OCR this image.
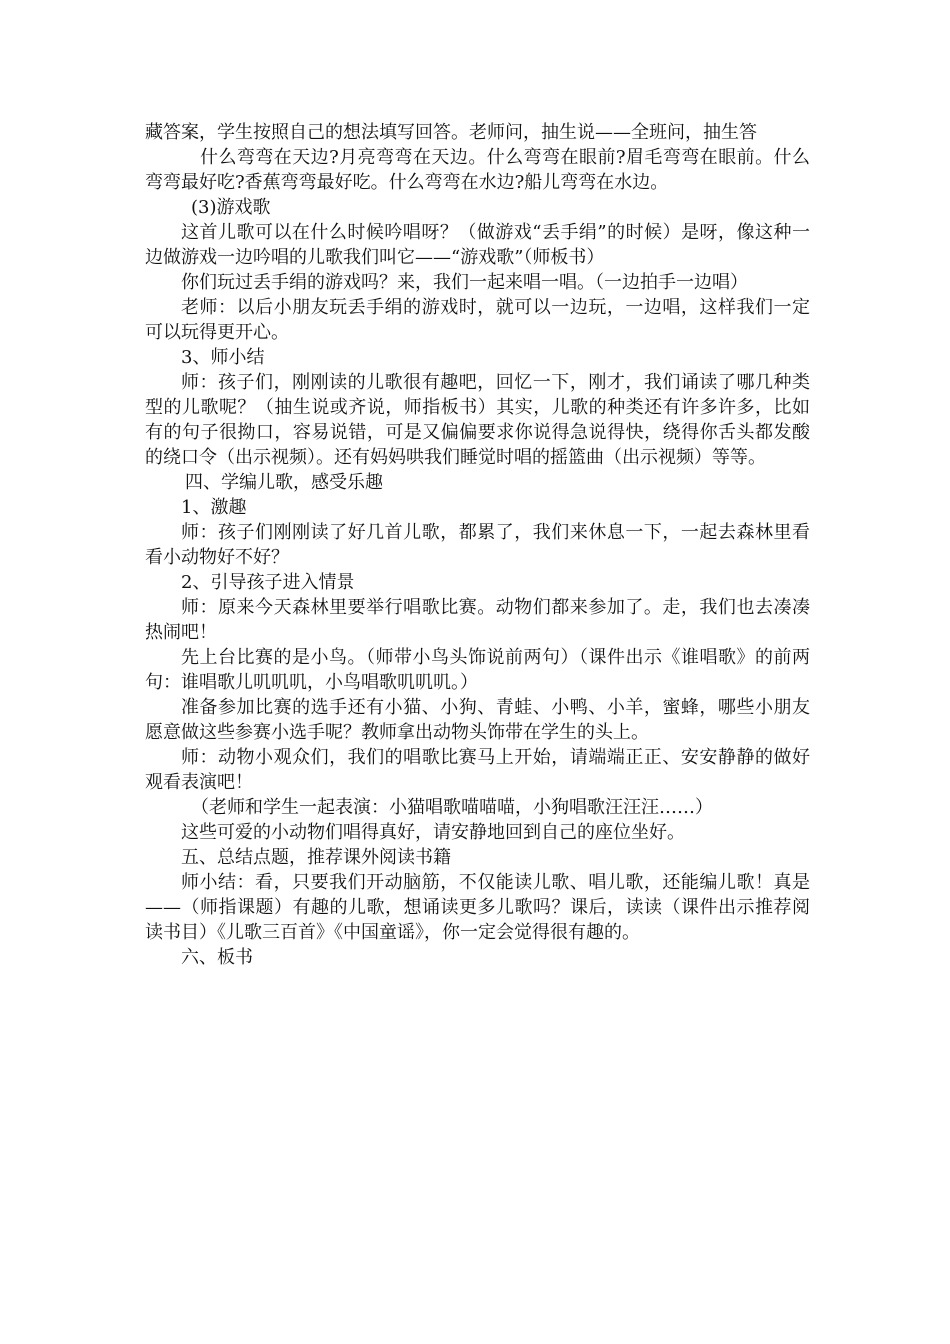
藏答案，学生按照自己的想法填写回答。老师问，抽生说——全班问，抽生答

什么弯弯在天边?月亮弯弯在天边。什么弯弯在眼前?眉毛弯弯在眼前。什么弯弯最好吃?香蕉弯弯最好吃。什么弯弯在水边?船儿弯弯在水边。

(3)游戏歌

这首儿歌可以在什么时候吟唱呀？（做游戏“丢手绢”的时候）是呀，像这种一边做游戏一边吟唱的儿歌我们叫它——“游戏歌”（师板书）

你们玩过丢手绢的游戏吗？来，我们一起来唱一唱。（一边拍手一边唱）

老师：以后小朋友玩丢手绢的游戏时，就可以一边玩，一边唱，这样我们一定可以玩得更开心。

3、师小结

师：孩子们，刚刚读的儿歌很有趣吧，回忆一下，刚才，我们诵读了哪几种类型的儿歌呢？（抽生说或齐说，师指板书）其实，儿歌的种类还有许多许多，比如有的句子很拗口，容易说错，可是又偏偏要求你说得急说得快，绕得你舌头都发酸的绕口令（出示视频）。还有妈妈哄我们睡觉时唱的摇篮曲（出示视频）等等。

四、学编儿歌，感受乐趣

1、激趣

师：孩子们刚刚读了好几首儿歌，都累了，我们来休息一下，一起去森林里看看小动物好不好？

2、引导孩子进入情景

师：原来今天森林里要举行唱歌比赛。动物们都来参加了。走，我们也去凑凑热闹吧！

先上台比赛的是小鸟。（师带小鸟头饰说前两句）（课件出示《谁唱歌》的前两句：谁唱歌儿叽叽叽，小鸟唱歌叽叽叽。）

准备参加比赛的选手还有小猫、小狗、青蛙、小鸭、小羊，蜜蜂，哪些小朋友愿意做这些参赛小选手呢？教师拿出动物头饰带在学生的头上。

师：动物小观众们，我们的唱歌比赛马上开始，请端端正正、安安静静的做好观看表演吧！

（老师和学生一起表演：小猫唱歌喵喵喵，小狗唱歌汪汪汪……）

这些可爱的小动物们唱得真好，请安静地回到自己的座位坐好。

五、总结点题，推荐课外阅读书籍

师小结：看，只要我们开动脑筋，不仅能读儿歌、唱儿歌，还能编儿歌！真是——（师指课题）有趣的儿歌，想诵读更多儿歌吗？课后，读读（课件出示推荐阅读书目）《儿歌三百首》《中国童谣》，你一定会觉得很有趣的。

六、板书
